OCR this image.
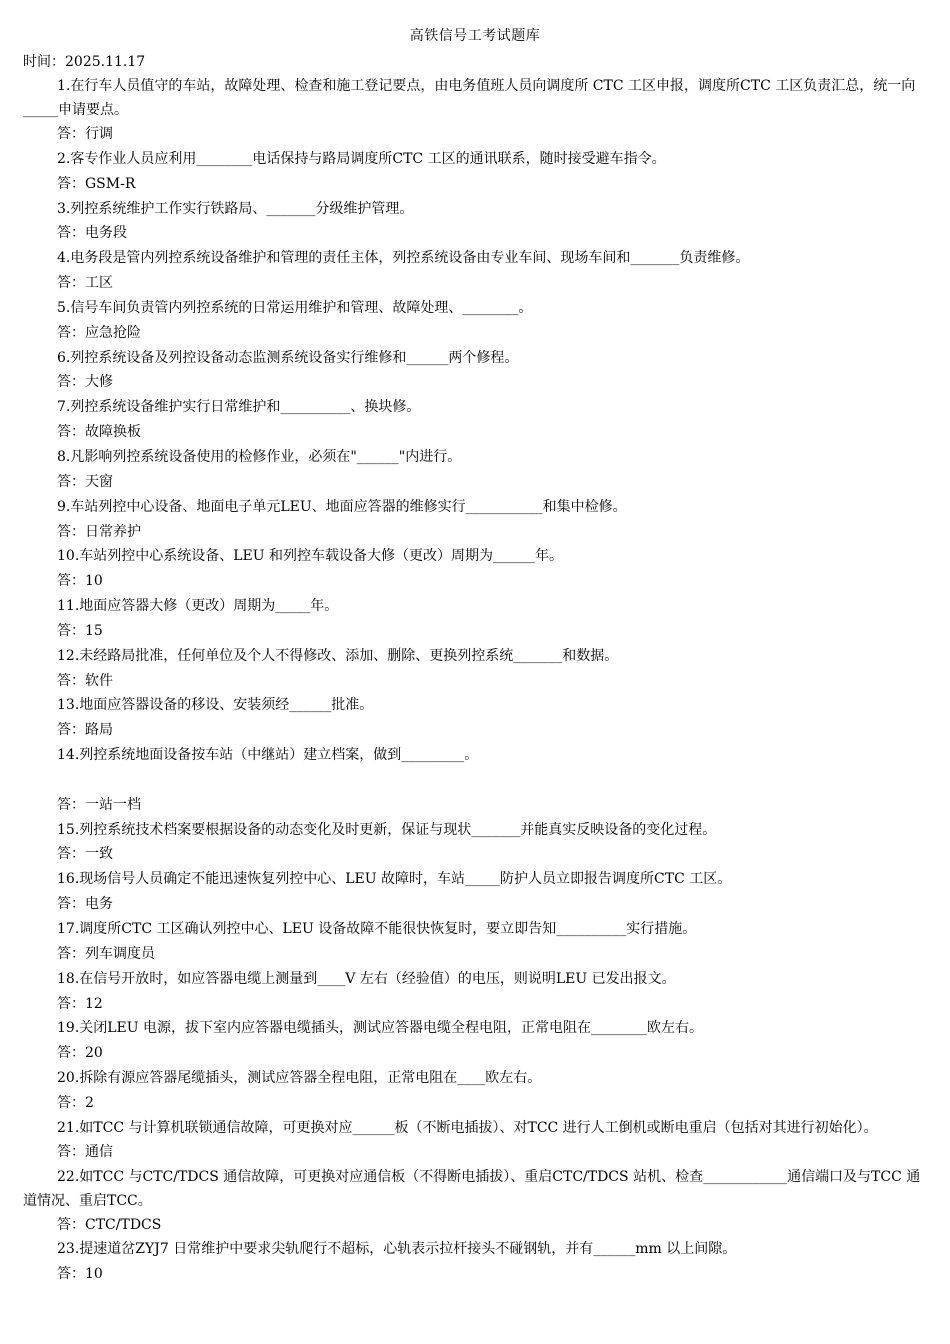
高铁信号工考试题库
时间：2025.11.17

1.在行车人员值守的车站，故障处理、检查和施工登记要点，由电务值班人员向调度所 CTC 工区申报，调度所CTC 工区负责汇总，统一向_____申请要点。

答：行调

2.客专作业人员应利用________电话保持与路局调度所CTC 工区的通讯联系，随时接受避车指令。

答：GSM-R

3.列控系统维护工作实行铁路局、_______分级维护管理。

答：电务段

4.电务段是管内列控系统设备维护和管理的责任主体，列控系统设备由专业车间、现场车间和_______负责维修。

答：工区

5.信号车间负责管内列控系统的日常运用维护和管理、故障处理、________。

答：应急抢险

6.列控系统设备及列控设备动态监测系统设备实行维修和______两个修程。

答：大修

7.列控系统设备维护实行日常维护和__________、换块修。

答：故障换板

8.凡影响列控系统设备使用的检修作业，必须在"______"内进行。

答：天窗

9.车站列控中心设备、地面电子单元LEU、地面应答器的维修实行___________和集中检修。

答：日常养护

10.车站列控中心系统设备、LEU 和列控车载设备大修（更改）周期为______年。

答：10

11.地面应答器大修（更改）周期为_____年。

答：15

12.未经路局批准，任何单位及个人不得修改、添加、删除、更换列控系统_______和数据。

答：软件

13.地面应答器设备的移设、安装须经______批准。

答：路局

14.列控系统地面设备按车站（中继站）建立档案，做到_________。

答：一站一档

15.列控系统技术档案要根据设备的动态变化及时更新，保证与现状_______并能真实反映设备的变化过程。

答：一致

16.现场信号人员确定不能迅速恢复列控中心、LEU 故障时，车站_____防护人员立即报告调度所CTC 工区。

答：电务

17.调度所CTC 工区确认列控中心、LEU 设备故障不能很快恢复时，要立即告知__________实行措施。

答：列车调度员

18.在信号开放时，如应答器电缆上测量到____V 左右（经验值）的电压，则说明LEU 已发出报文。

答：12

19.关闭LEU 电源，拔下室内应答器电缆插头，测试应答器电缆全程电阻，正常电阻在________欧左右。

答：20

20.拆除有源应答器尾缆插头，测试应答器全程电阻，正常电阻在____欧左右。

答：2

21.如TCC 与计算机联锁通信故障，可更换对应______板（不断电插拔）、对TCC 进行人工倒机或断电重启（包括对其进行初始化）。

答：通信

22.如TCC 与CTC/TDCS 通信故障，可更换对应通信板（不得断电插拔）、重启CTC/TDCS 站机、检查____________通信端口及与TCC 通道情况、重启TCC。

答：CTC/TDCS

23.提速道岔ZYJ7 日常维护中要求尖轨爬行不超标，心轨表示拉杆接头不碰钢轨，并有______mm 以上间隙。

答：10
